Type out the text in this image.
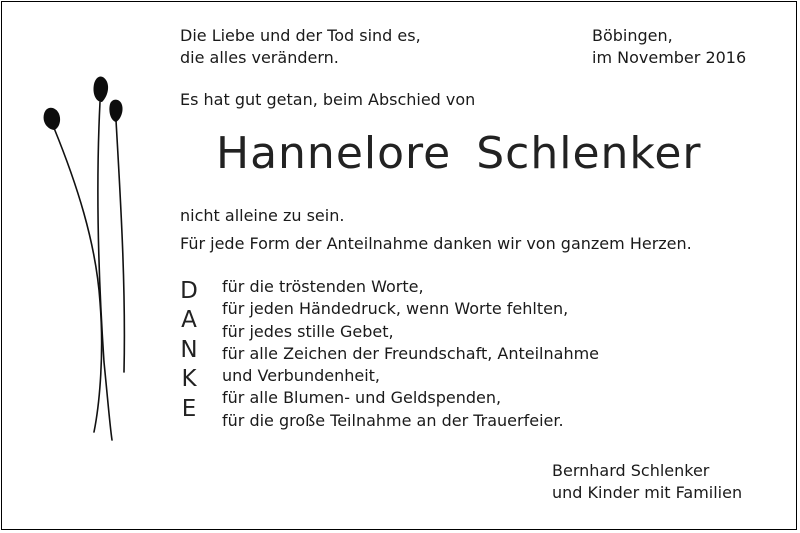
Die Liebe und der Tod sind es,
die alles verändern.
Böbingen,
im November 2016
Es hat gut getan, beim Abschied von
Hannelore Schlenker
nicht alleine zu sein.
Für jede Form der Anteilnahme danken wir von ganzem Herzen.
D
A
N
K
E
für die tröstenden Worte,
für jeden Händedruck, wenn Worte fehlten,
für jedes stille Gebet,
für alle Zeichen der Freundschaft, Anteilnahme
und Verbundenheit,
für alle Blumen- und Geldspenden,
für die große Teilnahme an der Trauerfeier.
Bernhard Schlenker
und Kinder mit Familien
